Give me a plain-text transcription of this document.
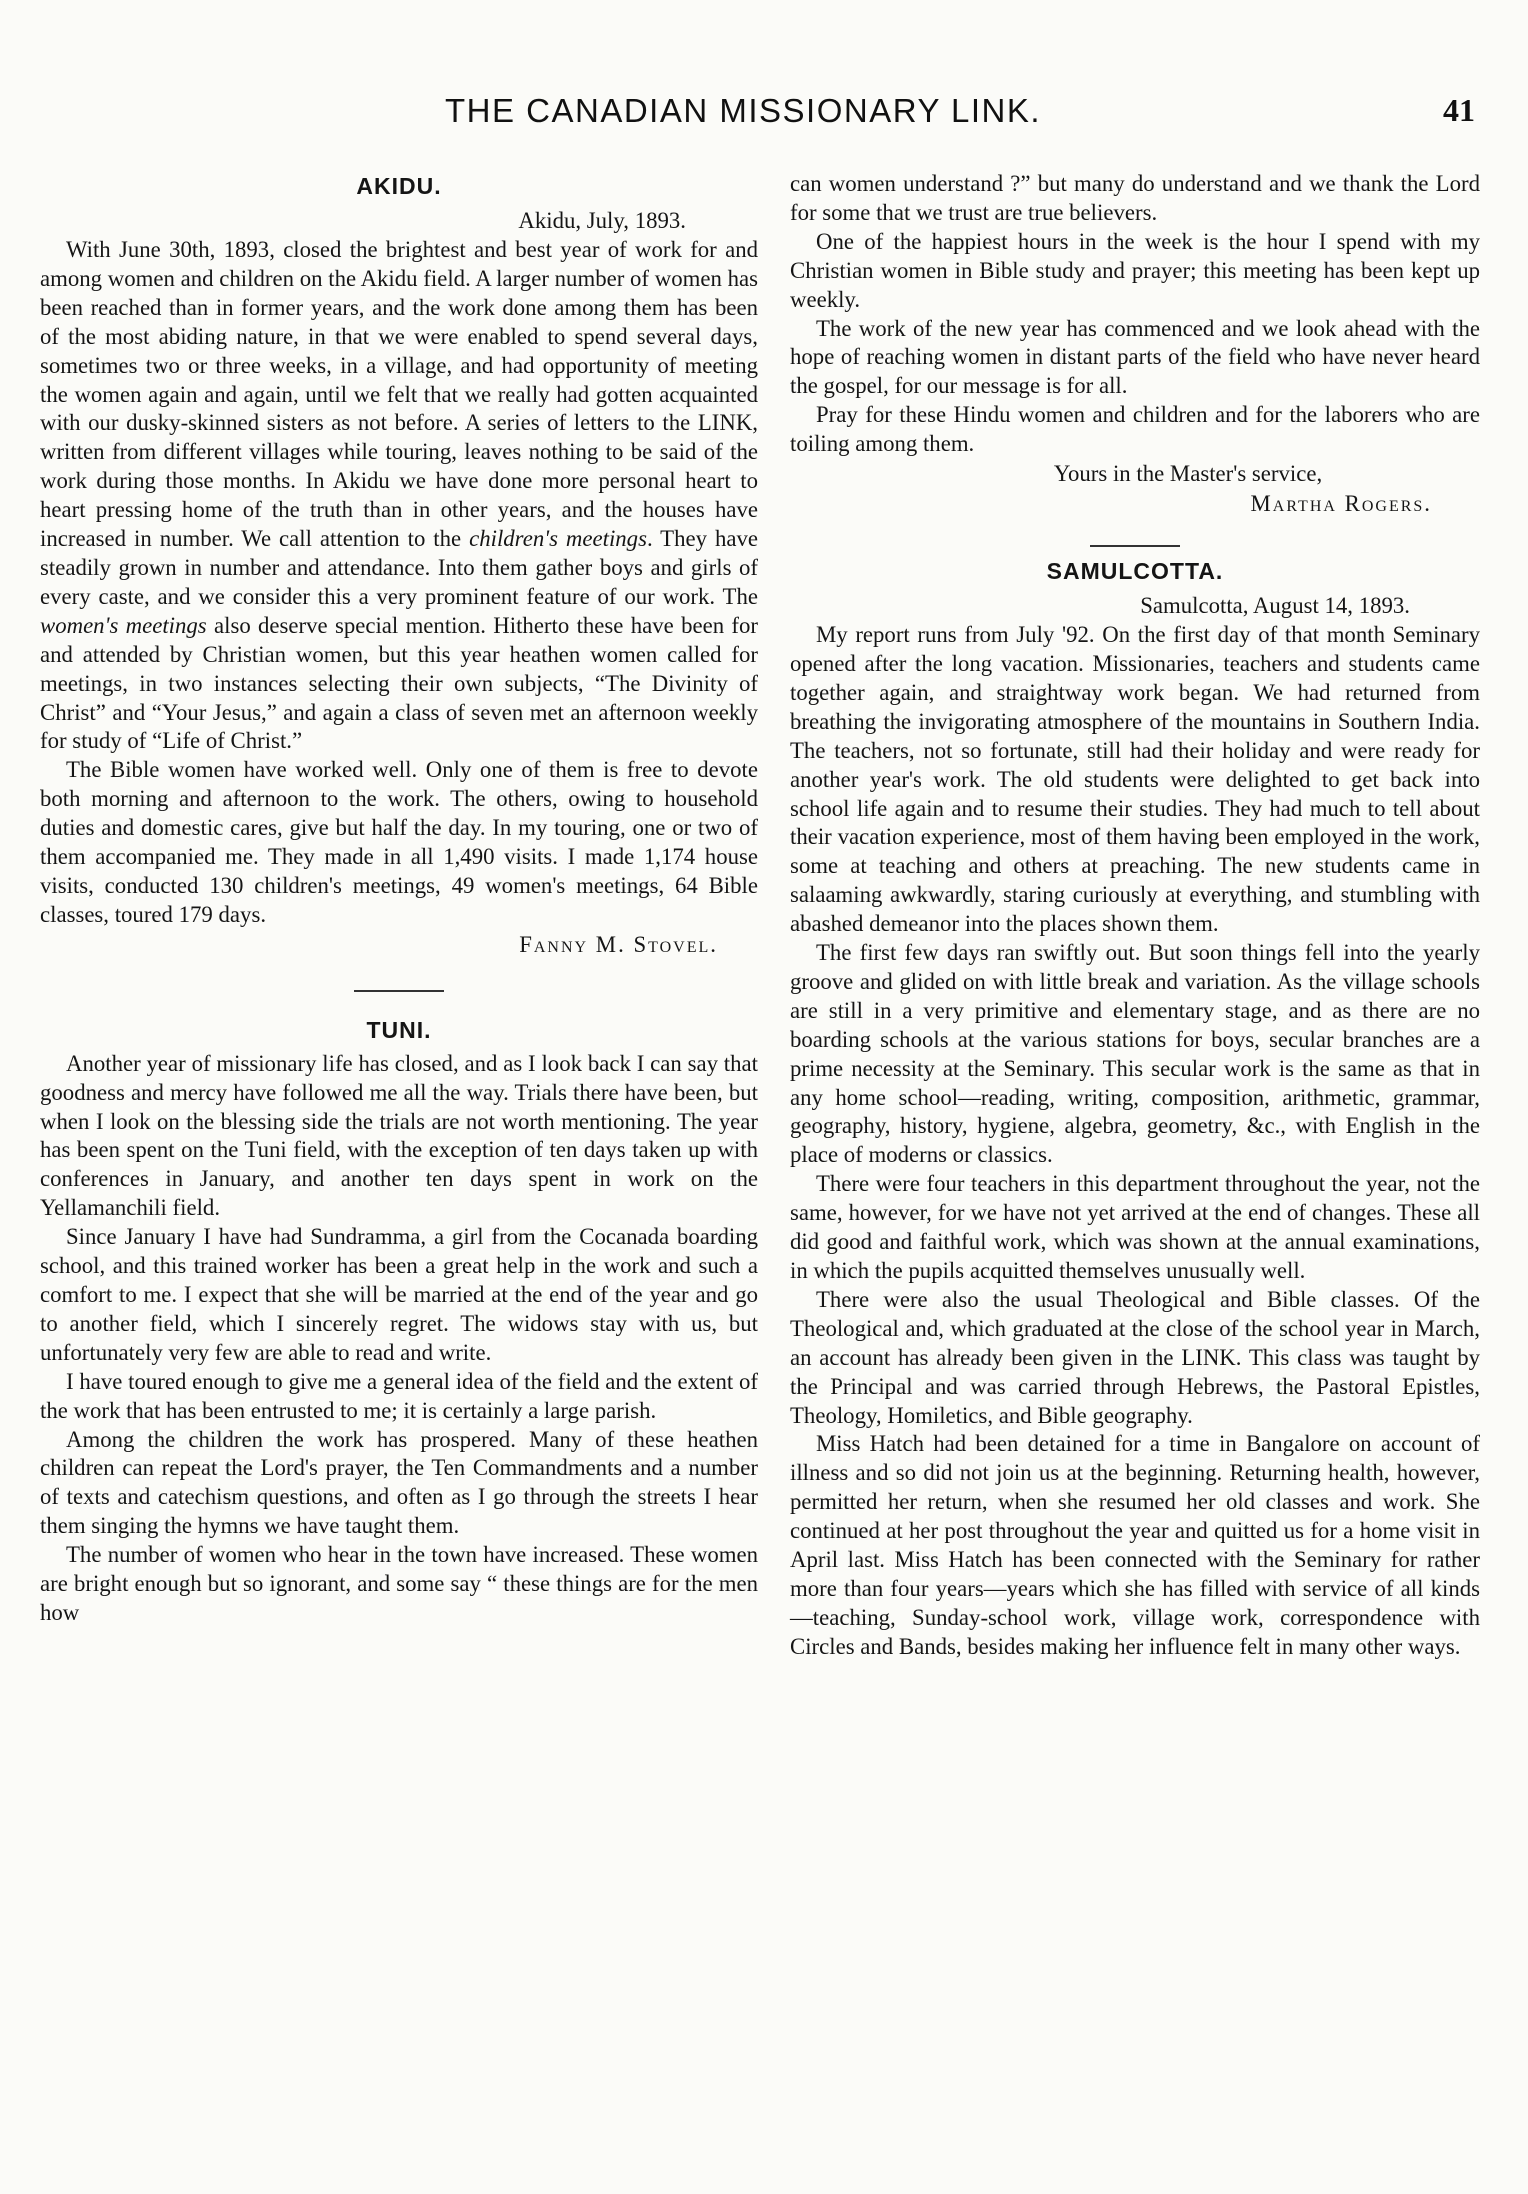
THE CANADIAN MISSIONARY LINK.	41
AKIDU.

Akidu, July, 1893.

With June 30th, 1893, closed the brightest and best year of work for and among women and children on the Akidu field. A larger number of women has been reached than in former years, and the work done among them has been of the most abiding nature, in that we were enabled to spend several days, sometimes two or three weeks, in a village, and had opportunity of meeting the women again and again, until we felt that we really had gotten acquainted with our dusky-skinned sisters as not before. A series of letters to the LINK, written from different villages while touring, leaves nothing to be said of the work during those months. In Akidu we have done more personal heart to heart pressing home of the truth than in other years, and the houses have increased in number. We call attention to the children's meetings. They have steadily grown in number and attendance. Into them gather boys and girls of every caste, and we consider this a very prominent feature of our work. The women's meetings also deserve special mention. Hitherto these have been for and attended by Christian women, but this year heathen women called for meetings, in two instances selecting their own subjects, “The Divinity of Christ” and “Your Jesus,” and again a class of seven met an afternoon weekly for study of “Life of Christ.”

The Bible women have worked well. Only one of them is free to devote both morning and afternoon to the work. The others, owing to household duties and domestic cares, give but half the day. In my touring, one or two of them accompanied me. They made in all 1,490 visits. I made 1,174 house visits, conducted 130 children's meetings, 49 women's meetings, 64 Bible classes, toured 179 days.

Fanny M. Stovel.

TUNI.

Another year of missionary life has closed, and as I look back I can say that goodness and mercy have followed me all the way. Trials there have been, but when I look on the blessing side the trials are not worth mentioning. The year has been spent on the Tuni field, with the exception of ten days taken up with conferences in January, and another ten days spent in work on the Yellamanchili field.

Since January I have had Sundramma, a girl from the Cocanada boarding school, and this trained worker has been a great help in the work and such a comfort to me. I expect that she will be married at the end of the year and go to another field, which I sincerely regret. The widows stay with us, but unfortunately very few are able to read and write.

I have toured enough to give me a general idea of the field and the extent of the work that has been entrusted to me; it is certainly a large parish.

Among the children the work has prospered. Many of these heathen children can repeat the Lord's prayer, the Ten Commandments and a number of texts and catechism questions, and often as I go through the streets I hear them singing the hymns we have taught them.

The number of women who hear in the town have increased. These women are bright enough but so ignorant, and some say “ these things are for the men how

can women understand ?” but many do understand and we thank the Lord for some that we trust are true believers.

One of the happiest hours in the week is the hour I spend with my Christian women in Bible study and prayer; this meeting has been kept up weekly.

The work of the new year has commenced and we look ahead with the hope of reaching women in distant parts of the field who have never heard the gospel, for our message is for all.

Pray for these Hindu women and children and for the laborers who are toiling among them.

Yours in the Master's service,

Martha Rogers.

SAMULCOTTA.

Samulcotta, August 14, 1893.

My report runs from July '92. On the first day of that month Seminary opened after the long vacation. Missionaries, teachers and students came together again, and straightway work began. We had returned from breathing the invigorating atmosphere of the mountains in Southern India. The teachers, not so fortunate, still had their holiday and were ready for another year's work. The old students were delighted to get back into school life again and to resume their studies. They had much to tell about their vacation experience, most of them having been employed in the work, some at teaching and others at preaching. The new students came in salaaming awkwardly, staring curiously at everything, and stumbling with abashed demeanor into the places shown them.

The first few days ran swiftly out. But soon things fell into the yearly groove and glided on with little break and variation. As the village schools are still in a very primitive and elementary stage, and as there are no boarding schools at the various stations for boys, secular branches are a prime necessity at the Seminary. This secular work is the same as that in any home school—reading, writing, composition, arithmetic, grammar, geography, history, hygiene, algebra, geometry, &c., with English in the place of moderns or classics.

There were four teachers in this department throughout the year, not the same, however, for we have not yet arrived at the end of changes. These all did good and faithful work, which was shown at the annual examinations, in which the pupils acquitted themselves unusually well.

There were also the usual Theological and Bible classes. Of the Theological and, which graduated at the close of the school year in March, an account has already been given in the LINK. This class was taught by the Principal and was carried through Hebrews, the Pastoral Epistles, Theology, Homiletics, and Bible geography.

Miss Hatch had been detained for a time in Bangalore on account of illness and so did not join us at the beginning. Returning health, however, permitted her return, when she resumed her old classes and work. She continued at her post throughout the year and quitted us for a home visit in April last. Miss Hatch has been connected with the Seminary for rather more than four years—years which she has filled with service of all kinds—teaching, Sunday-school work, village work, correspondence with Circles and Bands, besides making her influence felt in many other ways.
